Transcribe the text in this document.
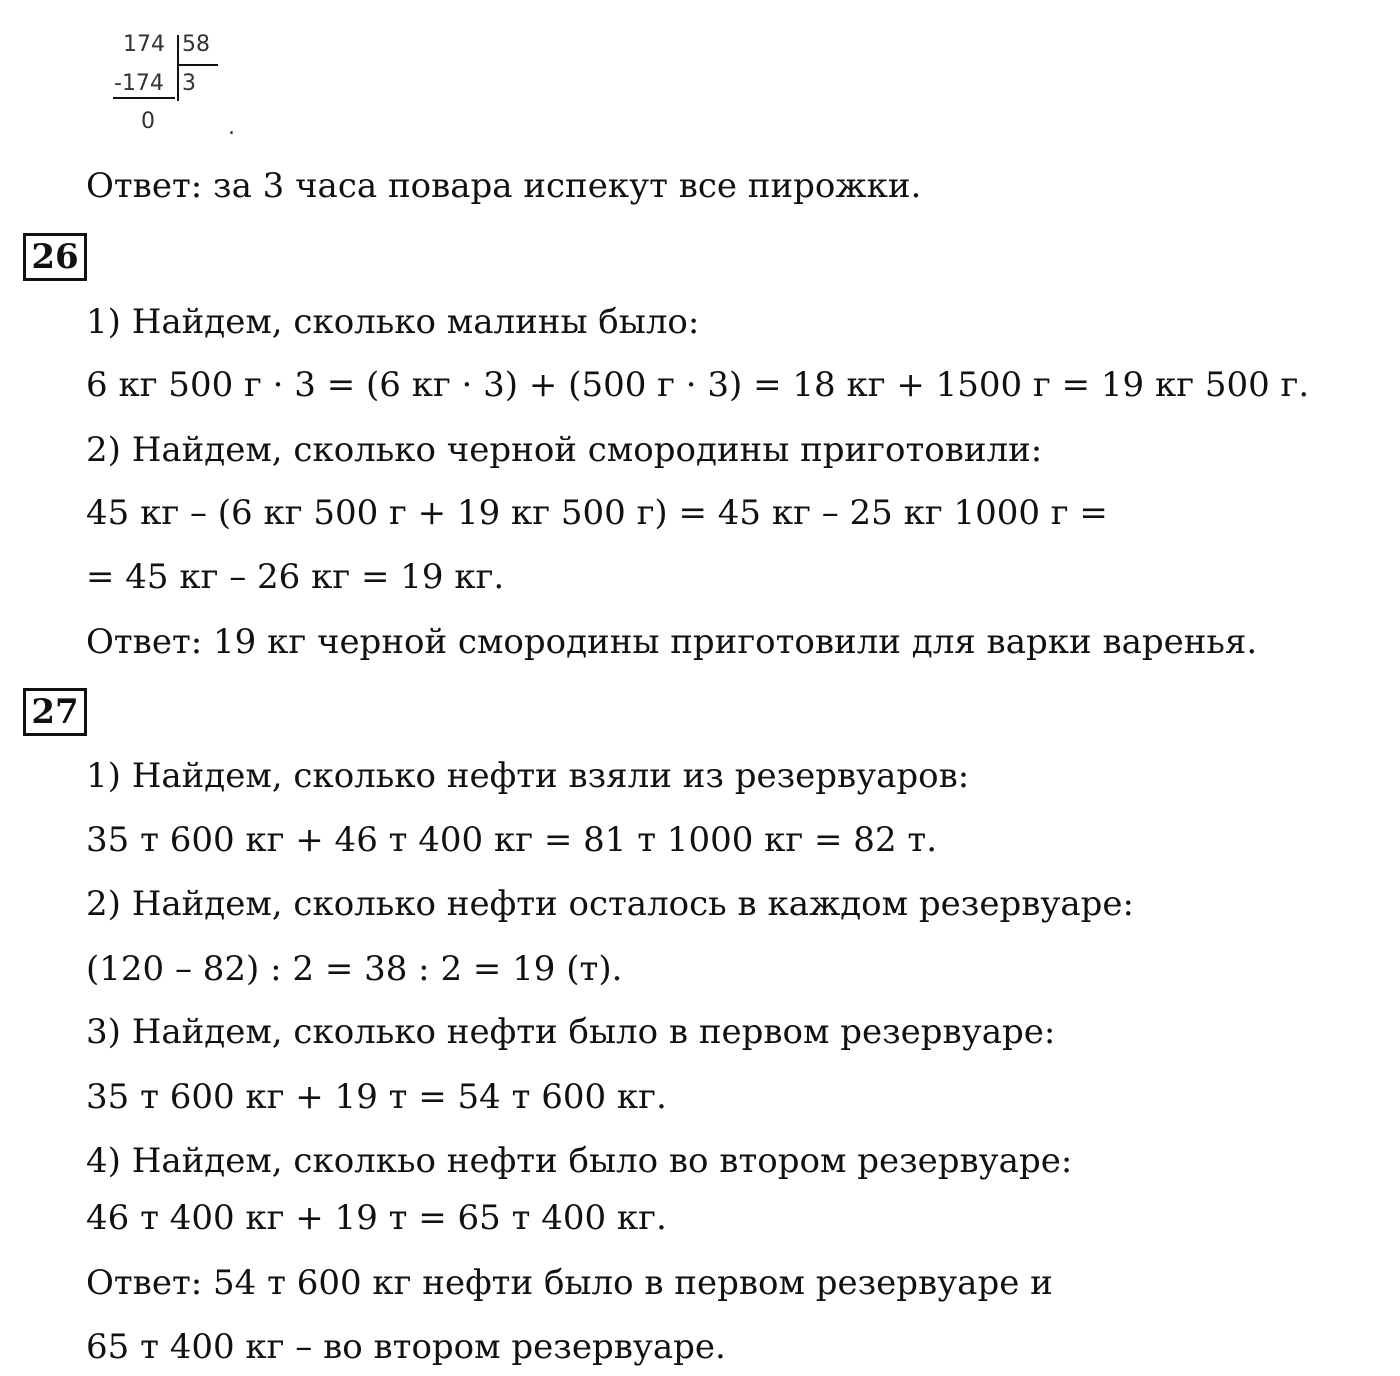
174 58
-174 3
0	.
Ответ: за 3 часа повара испекут все пирожки.
26
1) Найдем, сколько малины было:
6 кг 500 г · 3 = (6 кг · 3) + (500 г · 3) = 18 кг + 1500 г = 19 кг 500 г.
2) Найдем, сколько черной смородины приготовили:
45 кг – (6 кг 500 г + 19 кг 500 г) = 45 кг – 25 кг 1000 г =
= 45 кг – 26 кг = 19 кг.
Ответ: 19 кг черной смородины приготовили для варки варенья.
27
1) Найдем, сколько нефти взяли из резервуаров:
35 т 600 кг + 46 т 400 кг = 81 т 1000 кг = 82 т.
2) Найдем, сколько нефти осталось в каждом резервуаре:
(120 – 82) : 2 = 38 : 2 = 19 (т).
3) Найдем, сколько нефти было в первом резервуаре:
35 т 600 кг + 19 т = 54 т 600 кг.
4) Найдем, сколкьо нефти было во втором резервуаре:
46 т 400 кг + 19 т = 65 т 400 кг.
Ответ: 54 т 600 кг нефти было в первом резервуаре и
65 т 400 кг – во втором резервуаре.
